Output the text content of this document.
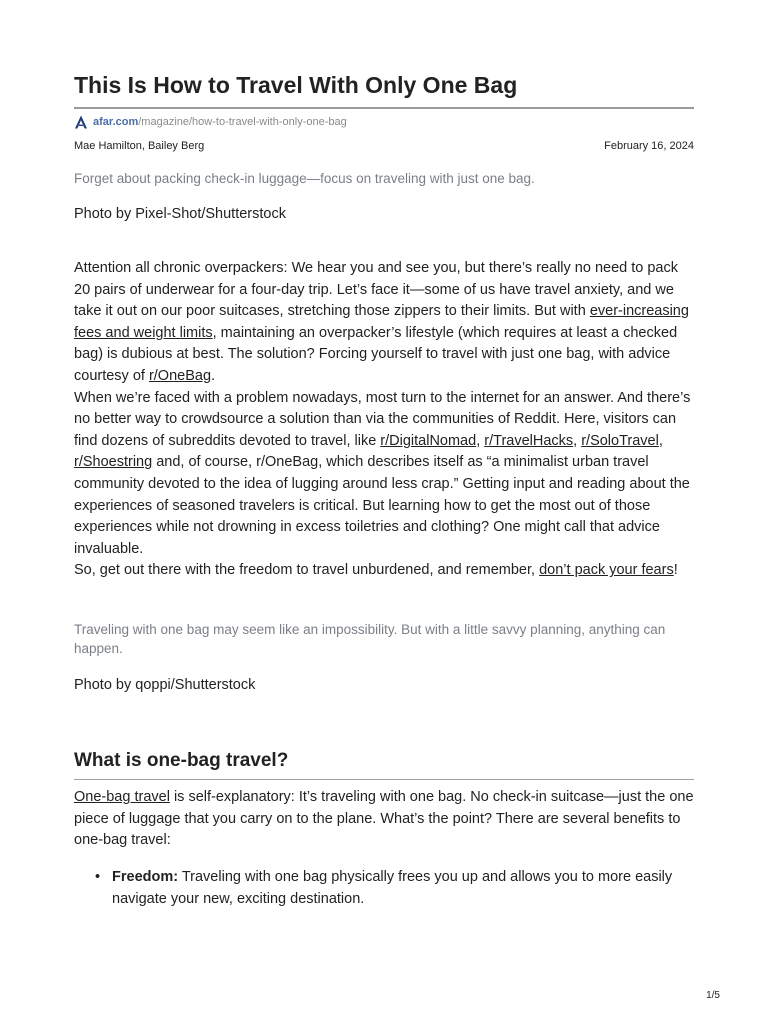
This Is How to Travel With Only One Bag
afar.com /magazine/how-to-travel-with-only-one-bag
Mae Hamilton, Bailey Berg	February 16, 2024
Forget about packing check-in luggage—focus on traveling with just one bag.
Photo by Pixel-Shot/Shutterstock

Attention all chronic overpackers: We hear you and see you, but there’s really no need to pack 20 pairs of underwear for a four-day trip. Let’s face it—some of us have travel anxiety, and we take it out on our poor suitcases, stretching those zippers to their limits. But with ever-increasing fees and weight limits, maintaining an overpacker’s lifestyle (which requires at least a checked bag) is dubious at best. The solution? Forcing yourself to travel with just one bag, with advice courtesy of r/OneBag.

When we’re faced with a problem nowadays, most turn to the internet for an answer. And there’s no better way to crowdsource a solution than via the communities of Reddit. Here, visitors can find dozens of subreddits devoted to travel, like r/DigitalNomad, r/TravelHacks, r/SoloTravel, r/Shoestring and, of course, r/OneBag, which describes itself as “a minimalist urban travel community devoted to the idea of lugging around less crap.” Getting input and reading about the experiences of seasoned travelers is critical. But learning how to get the most out of those experiences while not drowning in excess toiletries and clothing? One might call that advice invaluable.

So, get out there with the freedom to travel unburdened, and remember, don’t pack your fears!

Traveling with one bag may seem like an impossibility. But with a little savvy planning, anything can happen.
Photo by qoppi/Shutterstock
What is one-bag travel?

One-bag travel is self-explanatory: It’s traveling with one bag. No check-in suitcase—just the one piece of luggage that you carry on to the plane. What’s the point? There are several benefits to one-bag travel:

• Freedom: Traveling with one bag physically frees you up and allows you to more easily navigate your new, exciting destination.
1/5
